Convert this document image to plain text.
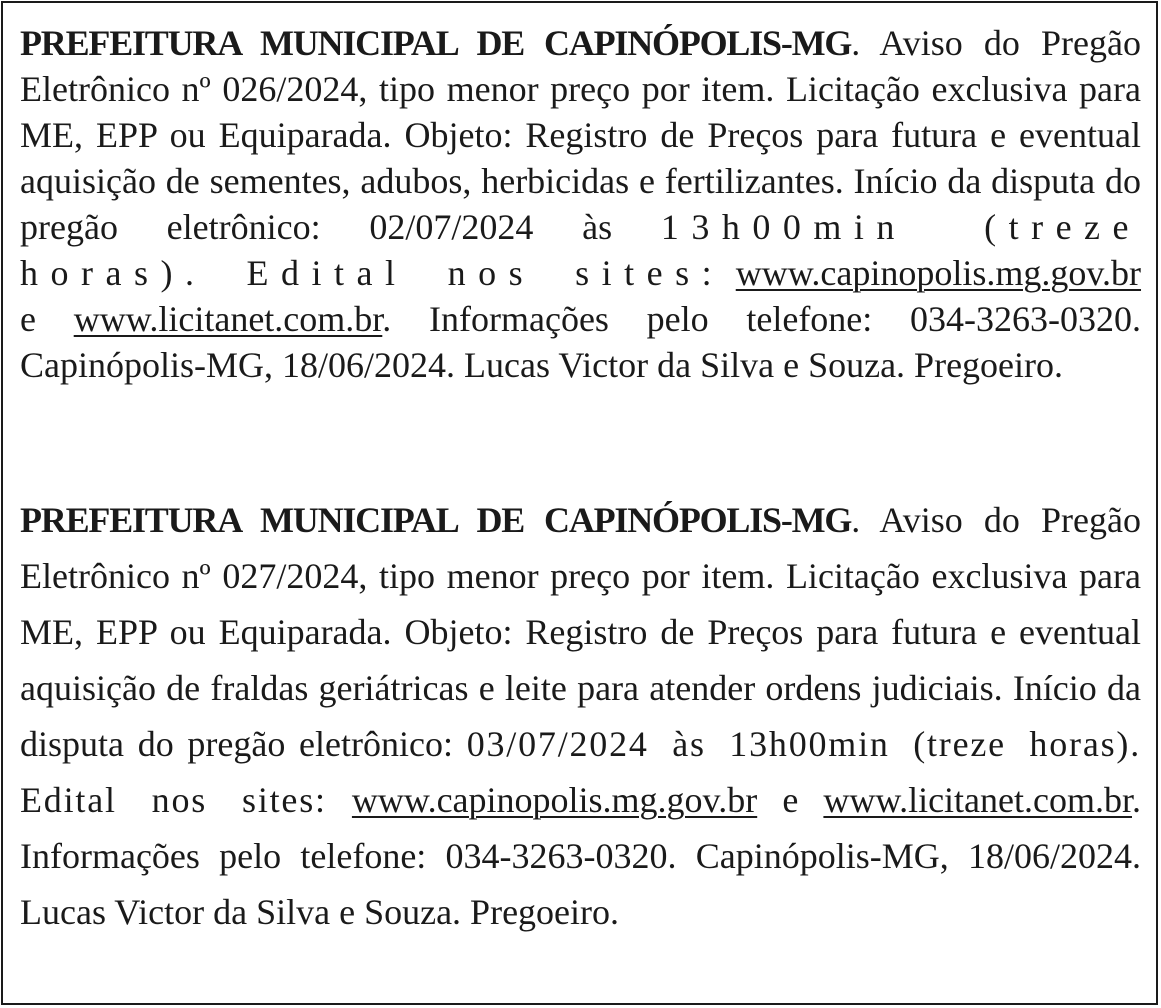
PREFEITURA MUNICIPAL DE CAPINÓPOLIS-MG. Aviso do Pregão Eletrônico nº 026/2024, tipo menor preço por item. Licitação exclusiva para ME, EPP ou Equiparada. Objeto: Registro de Preços para futura e eventual aquisição de sementes, adubos, herbicidas e fertilizantes. Início da disputa do pregão eletrônico: 02/07/2024 às 13h00min (treze horas). Edital nos sites: www.capinopolis.mg.gov.br e www.licitanet.com.br. Informações pelo telefone: 034-3263-0320. Capinópolis-MG, 18/06/2024. Lucas Victor da Silva e Souza. Pregoeiro.

PREFEITURA MUNICIPAL DE CAPINÓPOLIS-MG. Aviso do Pregão Eletrônico nº 027/2024, tipo menor preço por item. Licitação exclusiva para ME, EPP ou Equiparada. Objeto: Registro de Preços para futura e eventual aquisição de fraldas geriátricas e leite para atender ordens judiciais. Início da disputa do pregão eletrônico: 03/07/2024 às 13h00min (treze horas). Edital nos sites: www.capinopolis.mg.gov.br e www.licitanet.com.br. Informações pelo telefone: 034-3263-0320. Capinópolis-MG, 18/06/2024. Lucas Victor da Silva e Souza. Pregoeiro.
